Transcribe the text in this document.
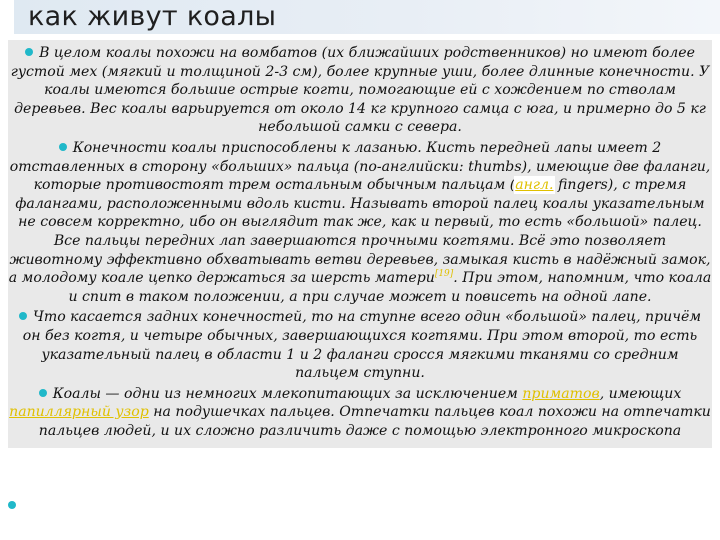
как живут коалы

В целом коалы похожи на вомбатов (их ближайших родственников) но имеют более густой мех (мягкий и толщиной 2-3 см), более крупные уши, более длинные конечности. У коалы имеются большие острые когти, помогающие ей с хождением по стволам деревьев. Вес коалы варьируется от около 14 кг крупного самца с юга, и примерно до 5 кг небольшой самки с севера.

Конечности коалы приспособлены к лазанью. Кисть передней лапы имеет 2 отставленных в сторону «больших» пальца (по-английски: thumbs), имеющие две фаланги, которые противостоят трем остальным обычным пальцам (англ. fingers), с тремя фалангами, расположенными вдоль кисти. Называть второй палец коалы указательным не совсем корректно, ибо он выглядит так же, как и первый, то есть «большой» палец. Все пальцы передних лап завершаются прочными когтями. Всё это позволяет животному эффективно обхватывать ветви деревьев, замыкая кисть в надёжный замок, а молодому коале цепко держаться за шерсть матери[19]. При этом, напомним, что коала и спит в таком положении, а при случае может и повисеть на одной лапе.

Что касается задних конечностей, то на ступне всего один «большой» палец, причём он без когтя, и четыре обычных, завершающихся когтями. При этом второй, то есть указательный палец в области 1 и 2 фаланги сросся мягкими тканями со средним пальцем ступни.

Коалы — одни из немногих млекопитающих за исключением приматов, имеющих папиллярный узор на подушечках пальцев. Отпечатки пальцев коал похожи на отпечатки пальцев людей, и их сложно различить даже с помощью электронного микроскопа
